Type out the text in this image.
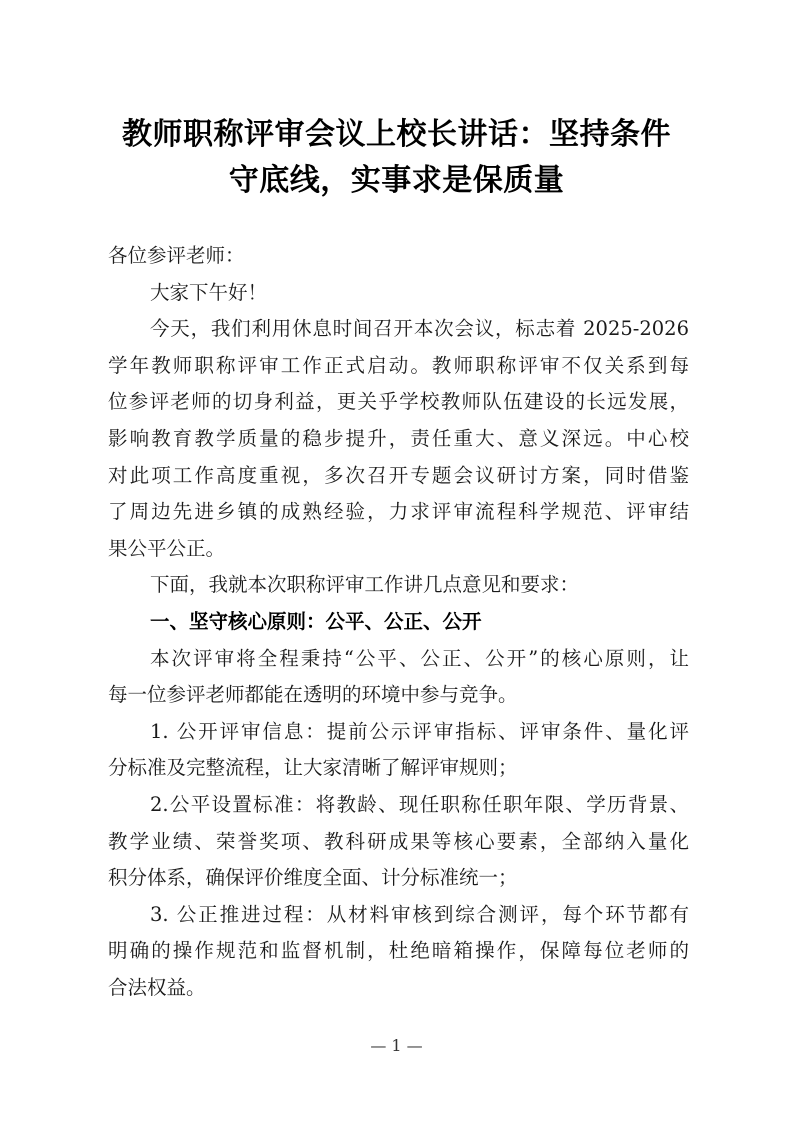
教师职称评审会议上校长讲话：坚持条件
守底线，实事求是保质量
各位参评老师：
大家下午好！
今​天​，​我​们​利​用​休​息​时​间​召​开​本​次​会​议​，​标​志​着​ ​2​0​2​5​-​2​0​2​6
学​年​教​师​职​称​评​审​工​作​正​式​启​动​。​教​师​职​称​评​审​不​仅​关​系​到​每
位​参​评​老​师​的​切​身​利​益​，​更​关​乎​学​校​教​师​队​伍​建​设​的​长​远​发​展​，
影​响​教​育​教​学​质​量​的​稳​步​提​升​，​责​任​重​大​、​意​义​深​远​。​中​心​校
对​此​项​工​作​高​度​重​视​，​多​次​召​开​专​题​会​议​研​讨​方​案​，​同​时​借​鉴
了​周​边​先​进​乡​镇​的​成​熟​经​验​，​力​求​评​审​流​程​科​学​规​范​、​评​审​结
果公平公正。
下面，我就本次职称评审工作讲几点意见和要求：
一、坚守核心原则：公平、公正、公开
本​次​评​审​将​全​程​秉​持​“​公​平​、​公​正​、​公​开​”​的​核​心​原​则​，​让
每一位参评老师都能在透明的环境中参与竞争。
1​.​ ​公​开​评​审​信​息​：​提​前​公​示​评​审​指​标​、​评​审​条​件​、​量​化​评
分标准及完整流程，让大家清晰了解评审规则；
2​.​公​平​设​置​标​准​：​将​教​龄​、​现​任​职​称​任​职​年​限​、​学​历​背​景​、
教​学​业​绩​、​荣​誉​奖​项​、​教​科​研​成​果​等​核​心​要​素​，​全​部​纳​入​量​化
积分体系，确保评价维度全面、计分标准统一；
3​.​ ​公​正​推​进​过​程​：​从​材​料​审​核​到​综​合​测​评​，​每​个​环​节​都​有
明​确​的​操​作​规​范​和​监​督​机​制​，​杜​绝​暗​箱​操​作​，​保​障​每​位​老​师​的
合法权益。
— 1 —
